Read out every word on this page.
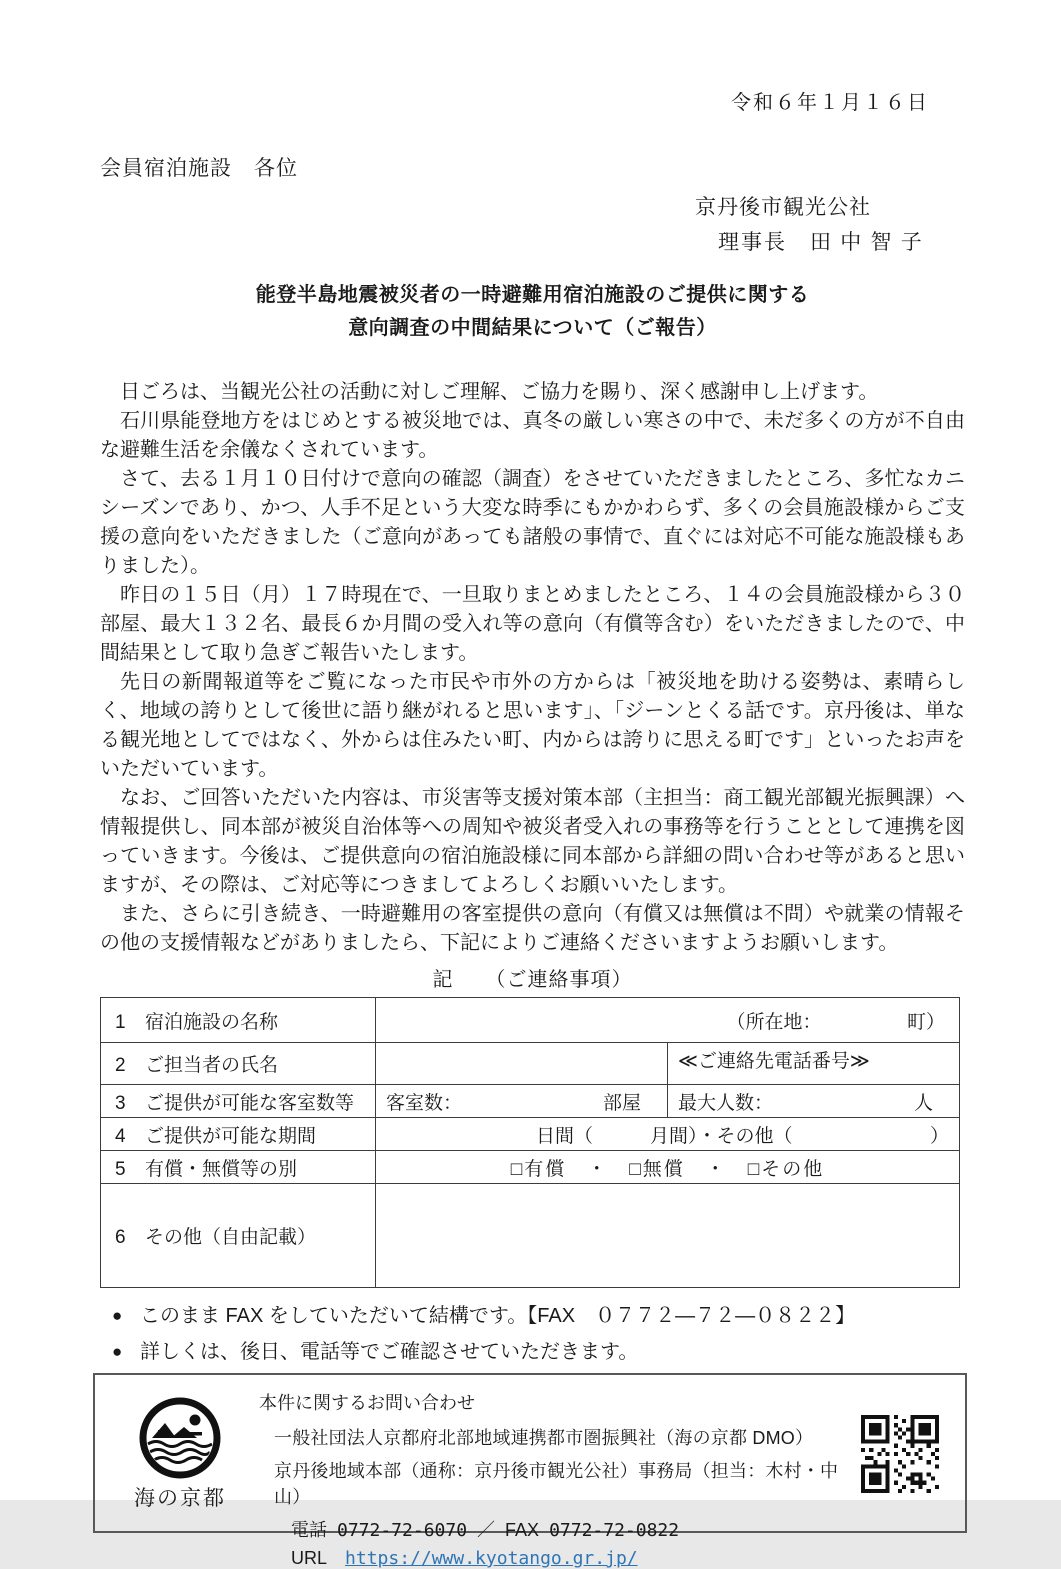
令和６年１月１６日
会員宿泊施設　各位
京丹後市観光公社
理事長　田 中 智 子
能登半島地震被災者の一時避難用宿泊施設のご提供に関する
意向調査の中間結果について（ご報告）

日ごろは、当観光公社の活動に対しご理解、ご協力を賜り、深く感謝申し上げます。

石川県能登地方をはじめとする被災地では、真冬の厳しい寒さの中で、未だ多くの方が不自由な避難生活を余儀なくされています。

さて、去る１月１０日付けで意向の確認（調査）をさせていただきましたところ、多忙なカニシーズンであり、かつ、人手不足という大変な時季にもかかわらず、多くの会員施設様からご支援の意向をいただきました（ご意向があっても諸般の事情で、直ぐには対応不可能な施設様もありました）。

昨日の１５日（月）１７時現在で、一旦取りまとめましたところ、１４の会員施設様から３０部屋、最大１３２名、最長６か月間の受入れ等の意向（有償等含む）をいただきましたので、中間結果として取り急ぎご報告いたします。

先日の新聞報道等をご覧になった市民や市外の方からは「被災地を助ける姿勢は、素晴らしく、地域の誇りとして後世に語り継がれると思います」、「ジーンとくる話です。京丹後は、単なる観光地としてではなく、外からは住みたい町、内からは誇りに思える町です」といったお声をいただいています。

なお、ご回答いただいた内容は、市災害等支援対策本部（主担当：商工観光部観光振興課）へ情報提供し、同本部が被災自治体等への周知や被災者受入れの事務等を行うこととして連携を図っていきます。今後は、ご提供意向の宿泊施設様に同本部から詳細の問い合わせ等があると思いますが、その際は、ご対応等につきましてよろしくお願いいたします。

また、さらに引き続き、一時避難用の客室提供の意向（有償又は無償は不問）や就業の情報その他の支援情報などがありましたら、下記によりご連絡くださいますようお願いします。

記　　（ご連絡事項）
1 宿泊施設の名称	（所在地：　　　　　町）	
2 ご担当者の氏名		≪ご連絡先電話番号≫
3 ご提供が可能な客室数等	客室数： 部屋	最大人数： 人

4 ご提供が可能な期間	日間（　　　月間）・その他（ ）	

5 有償・無償等の別	□有償　・　□無償　・　□その他	
6 その他（自由記載）		
● このまま FAX をしていただいて結構です。【FAX　０７７２―７２―０８２２】
● 詳しくは、後日、電話等でご確認させていただきます。
海の京都
本件に関するお問い合わせ
一般社団法人京都府北部地域連携都市圏振興社（海の京都 DMO）
京丹後地域本部（通称：京丹後市観光公社）事務局（担当：木村・中山）
電話 0772-72-6070 ／ FAX 0772-72-0822
URL https://www.kyotango.gr.jp/
